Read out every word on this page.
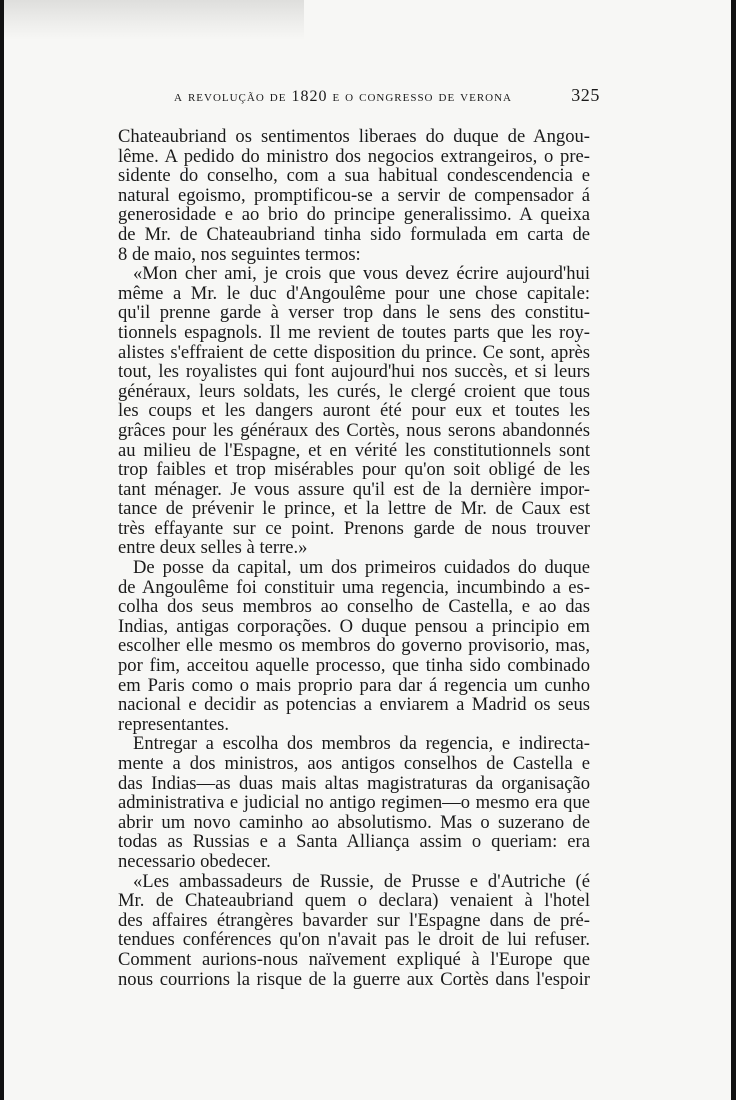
a revolução de 1820 e o congresso de verona	325

Chateaubriand os sentimentos liberaes do duque de Angou-
lême. A pedido do ministro dos negocios extrangeiros, o pre-
sidente do conselho, com a sua habitual condescendencia e
natural egoismo, promptificou-se a servir de compensador á
generosidade e ao brio do principe generalissimo. A queixa
de Mr. de Chateaubriand tinha sido formulada em carta de
8 de maio, nos seguintes termos:

«Mon cher ami, je crois que vous devez écrire aujourd'hui
même a Mr. le duc d'Angoulême pour une chose capitale:
qu'il prenne garde à verser trop dans le sens des constitu-
tionnels espagnols. Il me revient de toutes parts que les roy-
alistes s'effraient de cette disposition du prince. Ce sont, après
tout, les royalistes qui font aujourd'hui nos succès, et si leurs
généraux, leurs soldats, les curés, le clergé croient que tous
les coups et les dangers auront été pour eux et toutes les
grâces pour les généraux des Cortès, nous serons abandonnés
au milieu de l'Espagne, et en vérité les constitutionnels sont
trop faibles et trop misérables pour qu'on soit obligé de les
tant ménager. Je vous assure qu'il est de la dernière impor-
tance de prévenir le prince, et la lettre de Mr. de Caux est
très effayante sur ce point. Prenons garde de nous trouver
entre deux selles à terre.»

De posse da capital, um dos primeiros cuidados do duque
de Angoulême foi constituir uma regencia, incumbindo a es-
colha dos seus membros ao conselho de Castella, e ao das
Indias, antigas corporações. O duque pensou a principio em
escolher elle mesmo os membros do governo provisorio, mas,
por fim, acceitou aquelle processo, que tinha sido combinado
em Paris como o mais proprio para dar á regencia um cunho
nacional e decidir as potencias a enviarem a Madrid os seus
representantes.

Entregar a escolha dos membros da regencia, e indirecta-
mente a dos ministros, aos antigos conselhos de Castella e
das Indias—as duas mais altas magistraturas da organisação
administrativa e judicial no antigo regimen—o mesmo era que
abrir um novo caminho ao absolutismo. Mas o suzerano de
todas as Russias e a Santa Alliança assim o queriam: era
necessario obedecer.

«Les ambassadeurs de Russie, de Prusse e d'Autriche (é
Mr. de Chateaubriand quem o declara) venaient à l'hotel
des affaires étrangères bavarder sur l'Espagne dans de pré-
tendues conférences qu'on n'avait pas le droit de lui refuser.
Comment aurions-nous naïvement expliqué à l'Europe que
nous courrions la risque de la guerre aux Cortès dans l'espoir
